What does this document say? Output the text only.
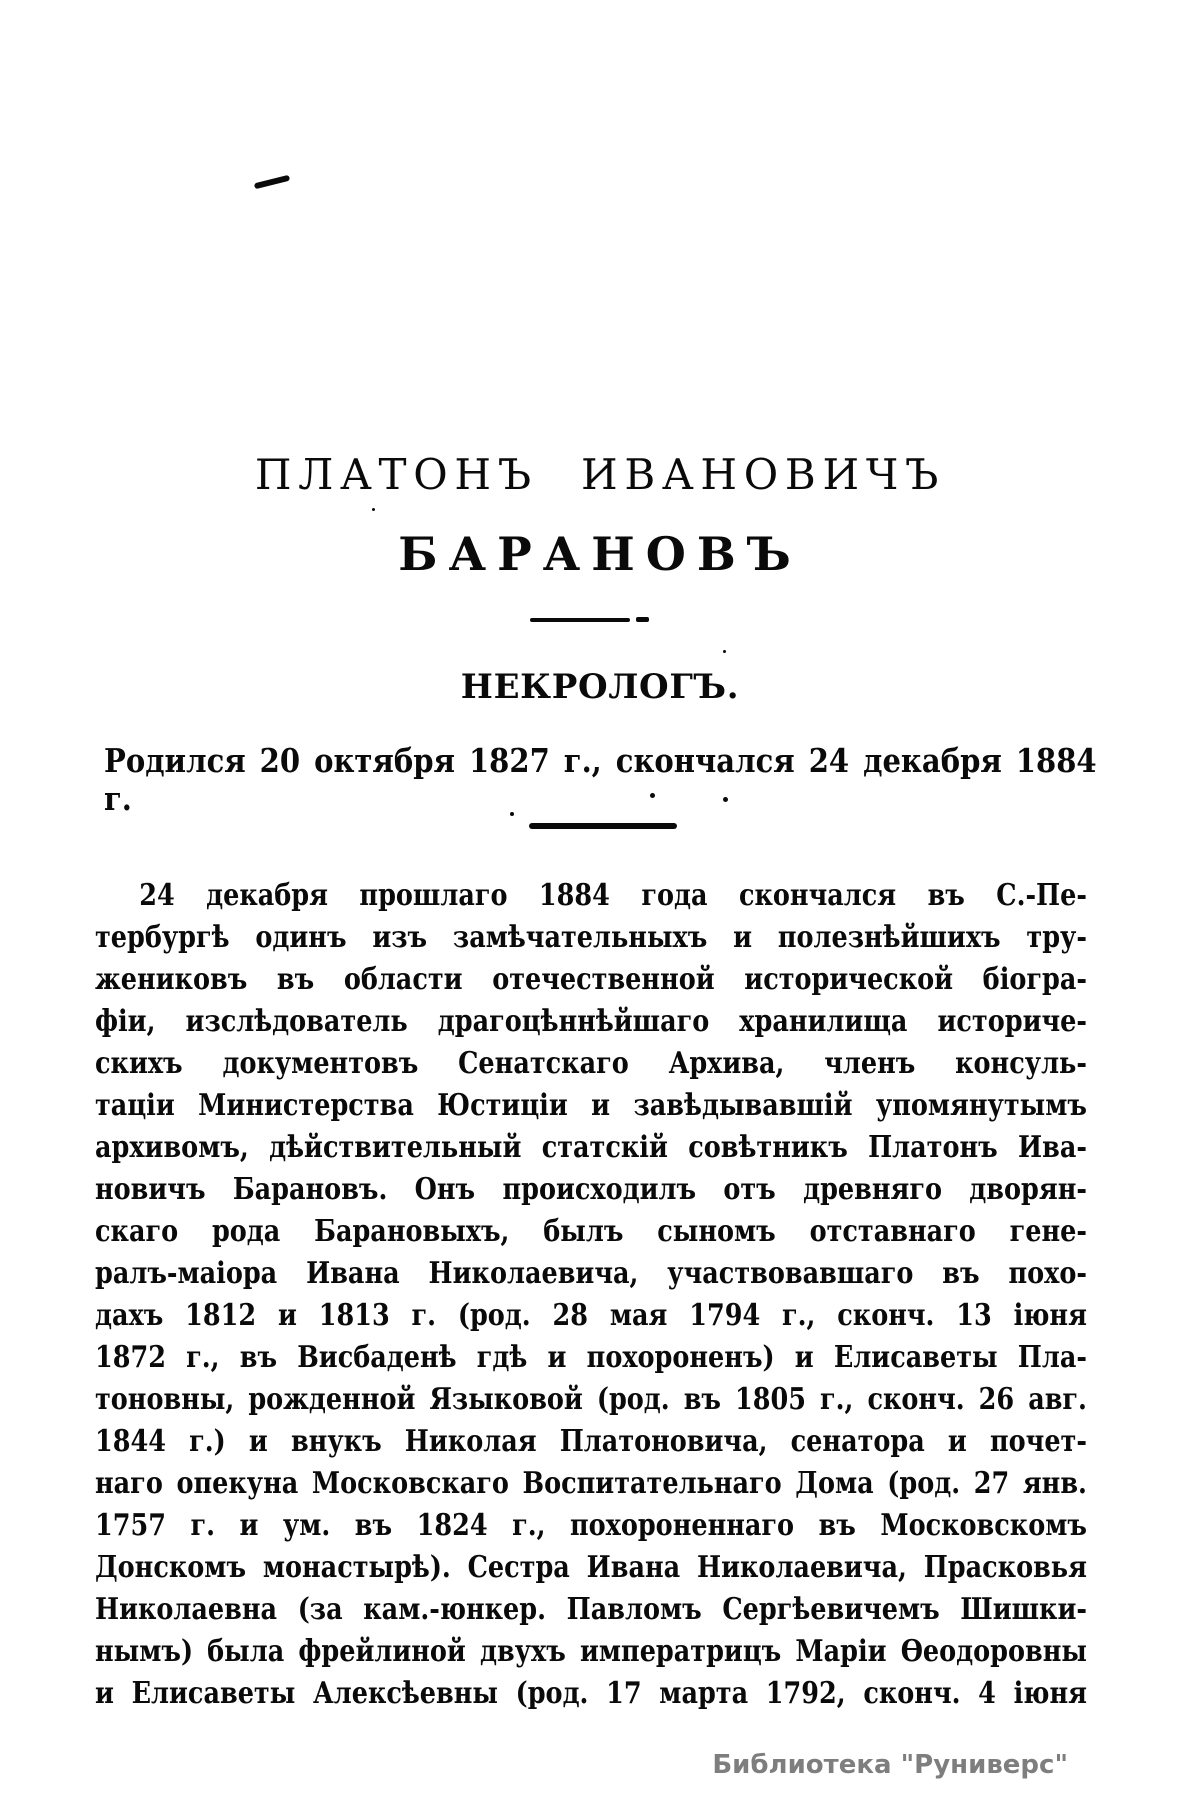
ПЛАТОНЪ ИВАНОВИЧЪ
БАРАНОВЪ
НЕКРОЛОГЪ.
Родился 20 октября 1827 г., скончался 24 декабря 1884 г.
24 декабря прошлаго 1884 года скончался въ С.-Пе-
тербургѣ одинъ изъ замѣчательныхъ и полезнѣйшихъ тру-
жениковъ въ области отечественной исторической біогра-
фіи, изслѣдователь драгоцѣннѣйшаго хранилища историче-
скихъ документовъ Сенатскаго Архива, членъ консуль-
таціи Министерства Юстиціи и завѣдывавшій упомянутымъ
архивомъ, дѣйствительный статскій совѣтникъ Платонъ Ива-
новичъ Барановъ. Онъ происходилъ отъ древняго дворян-
скаго рода Барановыхъ, былъ сыномъ отставнаго гене-
ралъ-маіора Ивана Николаевича, участвовавшаго въ похо-
дахъ 1812 и 1813 г. (род. 28 мая 1794 г., сконч. 13 іюня
1872 г., въ Висбаденѣ гдѣ и похороненъ) и Елисаветы Пла-
тоновны, рожденной Языковой (род. въ 1805 г., сконч. 26 авг.
1844 г.) и внукъ Николая Платоновича, сенатора и почет-
наго опекуна Московскаго Воспитательнаго Дома (род. 27 янв.
1757 г. и ум. въ 1824 г., похороненнаго въ Московскомъ
Донскомъ монастырѣ). Сестра Ивана Николаевича, Прасковья
Николаевна (за кам.-юнкер. Павломъ Сергѣевичемъ Шишки-
нымъ) была фрейлиной двухъ императрицъ Маріи Ѳеодоровны
и Елисаветы Алексѣевны (род. 17 марта 1792, сконч. 4 іюня
Библиотека "Руниверс"
